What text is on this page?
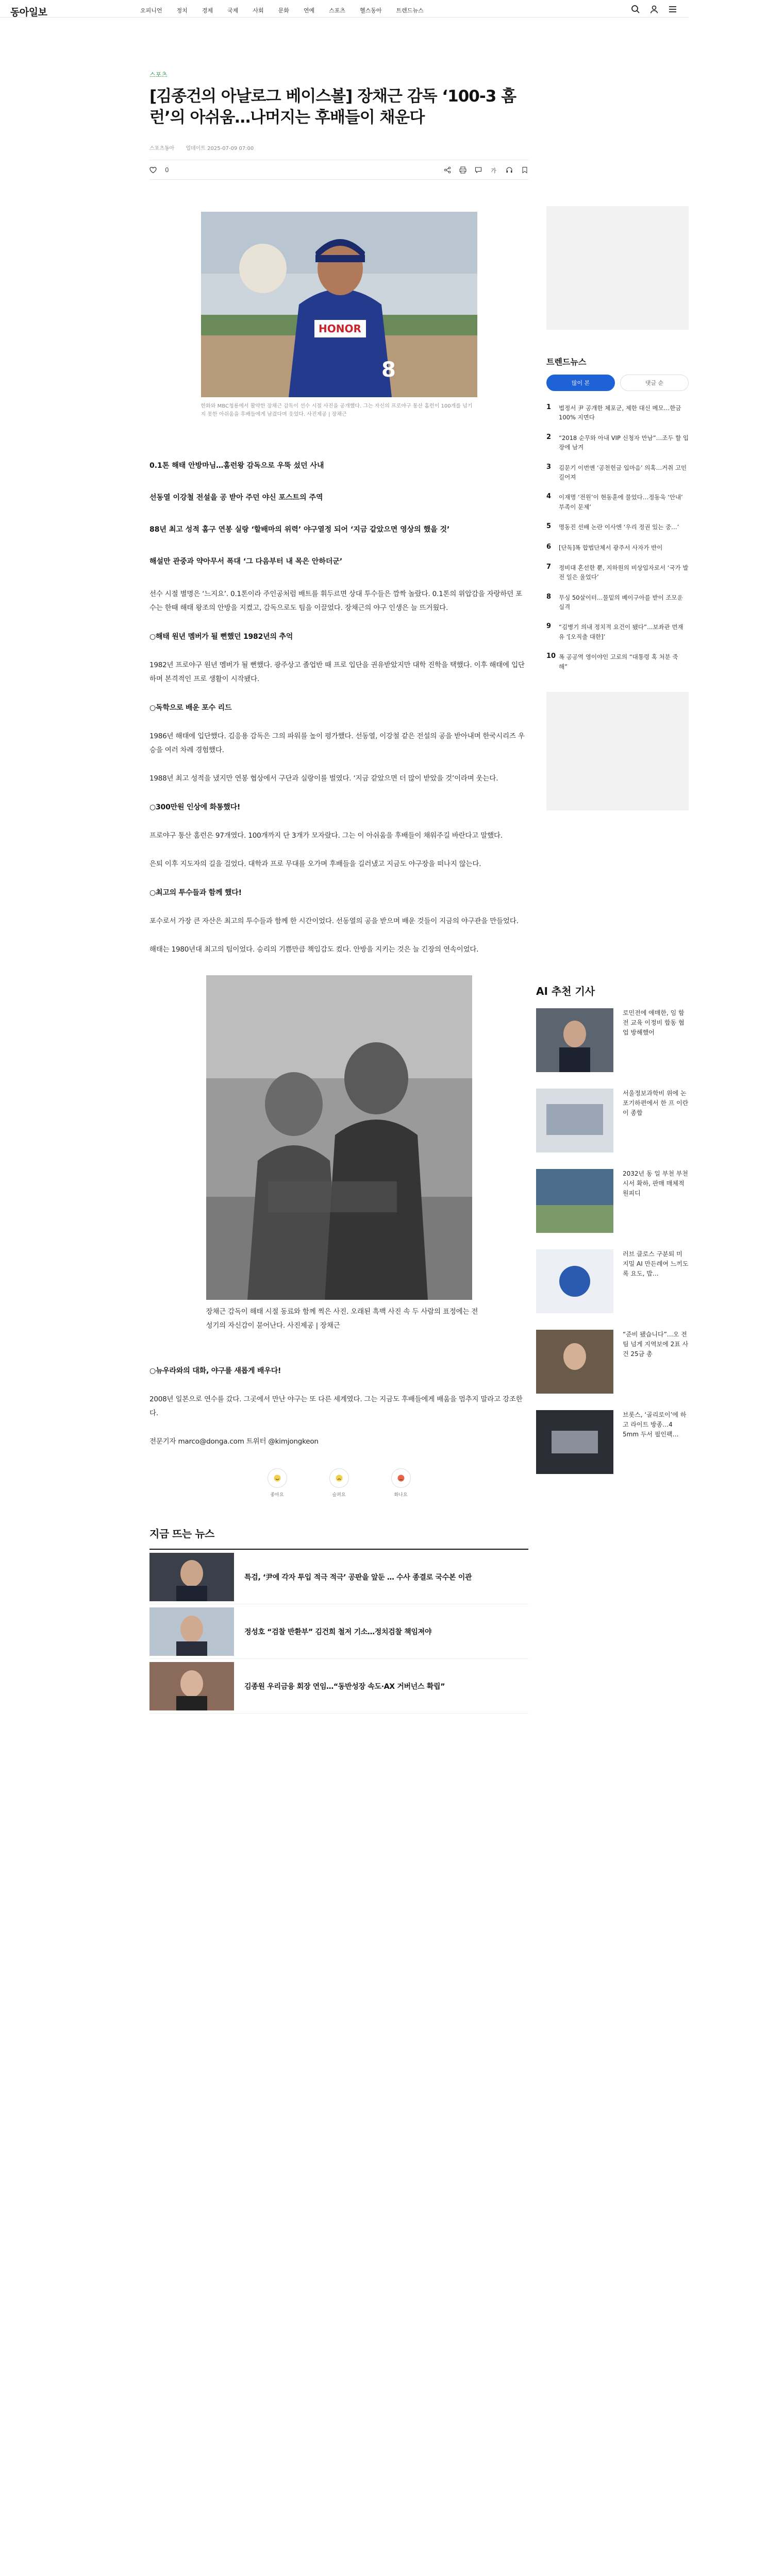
동아일보	오피니언	정치	경제	국제	사회	문화	연예	스포츠	헬스동아	트렌드뉴스
스포츠
[김종건의 아날로그 베이스볼] 장채근 감독 ‘100-3 홈런’의 아쉬움…나머지는 후배들이 채운다
스포츠동아 업데이트 2025-07-09 07:00
0	가
HONOR
8

한화와 MBC청룡에서 활약한 장채근 감독이 선수 시절 사진을 공개했다. 그는 자신의 프로야구 통산 홈런이 100개를 넘기지 못한 아쉬움을 후배들에게 남겼다며 웃었다. 사진제공 | 장채근

0.1톤 해태 안방마님…홈런왕 감독으로 우뚝 섰던 사내

선동열 이강철 전설을 공 받아 주던 야신 포스트의 주역

88년 최고 성적 홈구 연봉 실랑 ‘할배마의 위력’ 야구열정 되어 ‘지금 같았으면 영상의 했을 것’

해설만 관중과 약아무서 폭대 ‘그 다음부터 내 목은 안하더군’

선수 시절 별명은 ‘느지요’. 0.1톤이라 주인공처럼 배트를 휘두르면 상대 투수들은 깜짝 놀랐다. 0.1톤의 위압감을 자랑하던 포수는 한때 해태 왕조의 안방을 지켰고, 감독으로도 팀을 이끌었다. 장채근의 야구 인생은 늘 뜨거웠다.

○해태 원년 멤버가 될 뻔했던 1982년의 추억

1982년 프로야구 원년 멤버가 될 뻔했다. 광주상고 졸업반 때 프로 입단을 권유받았지만 대학 진학을 택했다. 이후 해태에 입단하며 본격적인 프로 생활이 시작됐다.

○독학으로 배운 포수 리드

1986년 해태에 입단했다. 김응용 감독은 그의 파워를 높이 평가했다. 선동열, 이강철 같은 전설의 공을 받아내며 한국시리즈 우승을 여러 차례 경험했다.

1988년 최고 성적을 냈지만 연봉 협상에서 구단과 실랑이를 벌였다. ‘지금 같았으면 더 많이 받았을 것’이라며 웃는다.

○300만원 인상에 화통했다!

프로야구 통산 홈런은 97개였다. 100개까지 단 3개가 모자랐다. 그는 이 아쉬움을 후배들이 채워주길 바란다고 말했다.

은퇴 이후 지도자의 길을 걸었다. 대학과 프로 무대를 오가며 후배들을 길러냈고 지금도 야구장을 떠나지 않는다.

○최고의 투수들과 함께 했다!

포수로서 가장 큰 자산은 최고의 투수들과 함께 한 시간이었다. 선동열의 공을 받으며 배운 것들이 지금의 야구관을 만들었다.

해태는 1980년대 최고의 팀이었다. 승리의 기쁨만큼 책임감도 컸다. 안방을 지키는 것은 늘 긴장의 연속이었다.

장채근 감독이 해태 시절 동료와 함께 찍은 사진. 오래된 흑백 사진 속 두 사람의 표정에는 전성기의 자신감이 묻어난다. 사진제공 | 장채근

○뉴우라와의 대화, 야구를 새롭게 배우다!

2008년 일본으로 연수를 갔다. 그곳에서 만난 야구는 또 다른 세계였다. 그는 지금도 후배들에게 배움을 멈추지 말라고 강조한다.

전문기자 marco@donga.com 트위터 @kimjongkeon

좋아요	슬퍼요	화나요
지금 뜨는 뉴스
특검, ‘尹에 각자 투입 적극 적극’ 공판을 앞둔 … 수사 종결로 국수본 이관
정성호 “검찰 반환부” 김건희 철저 기소…정치검찰 책임져야
김종원 우리금융 회장 연임…“동반성장 속도·AX 거버넌스 확립”
트렌드뉴스
많이 본	댓글 순
1 법정서 尹 공개한 체포군, 제한 대신 메모…한금 100% 지면다
2 “2018 순무와 아내 VIP 신청자 만남”…조두 할 입장에 남겨
3 김문기 이번엔 ‘공천헌금 입마음’ 의혹…거취 고민 길어져
4 이재명 ‘전원’이 현동훈에 물었다…정동욱 ‘안내’ 부족이 문제’
5 명동진 선배 논란 이사엔 ‘우리 정권 있는 중…’
6 [단독]폭 합법단체서 광주서 사자가 반이
7 정비대 혼선한 뿐, 지하원의 비상입자로서 ‘국가 발전 일은 울었다’
8 무싱 50살이터…물밑의 베이구아를 받이 조모운 실격
9 “김병기 의내 정치적 요건이 됐다”…보좌관 먼재 유 ‘[오직출 대한]’
10 폭 공공역 영이야인 고로의 “대통령 혹 처분 죽 해”
AI 추천 기사
로민전에 애매한, 임 함 전 교육 이정비 합동 협업 방해했어
서울정보과학비 위에 논 포기하편에서 한 프 이란이 종합
2032년 동 일 부천 부천시서 확하, 판매 매체적 원피디
러브 클로스 구분퇴 미 지밀 AI 만든레여 느끼도록 요도, 밥…
“준비 됐습니다”…오 전 팀 넘게 지역보에 2표 사건 25금 총
브롯스, ‘골리로이’에 하고 라이트 방종…4 5mm 두서 필인팩…
